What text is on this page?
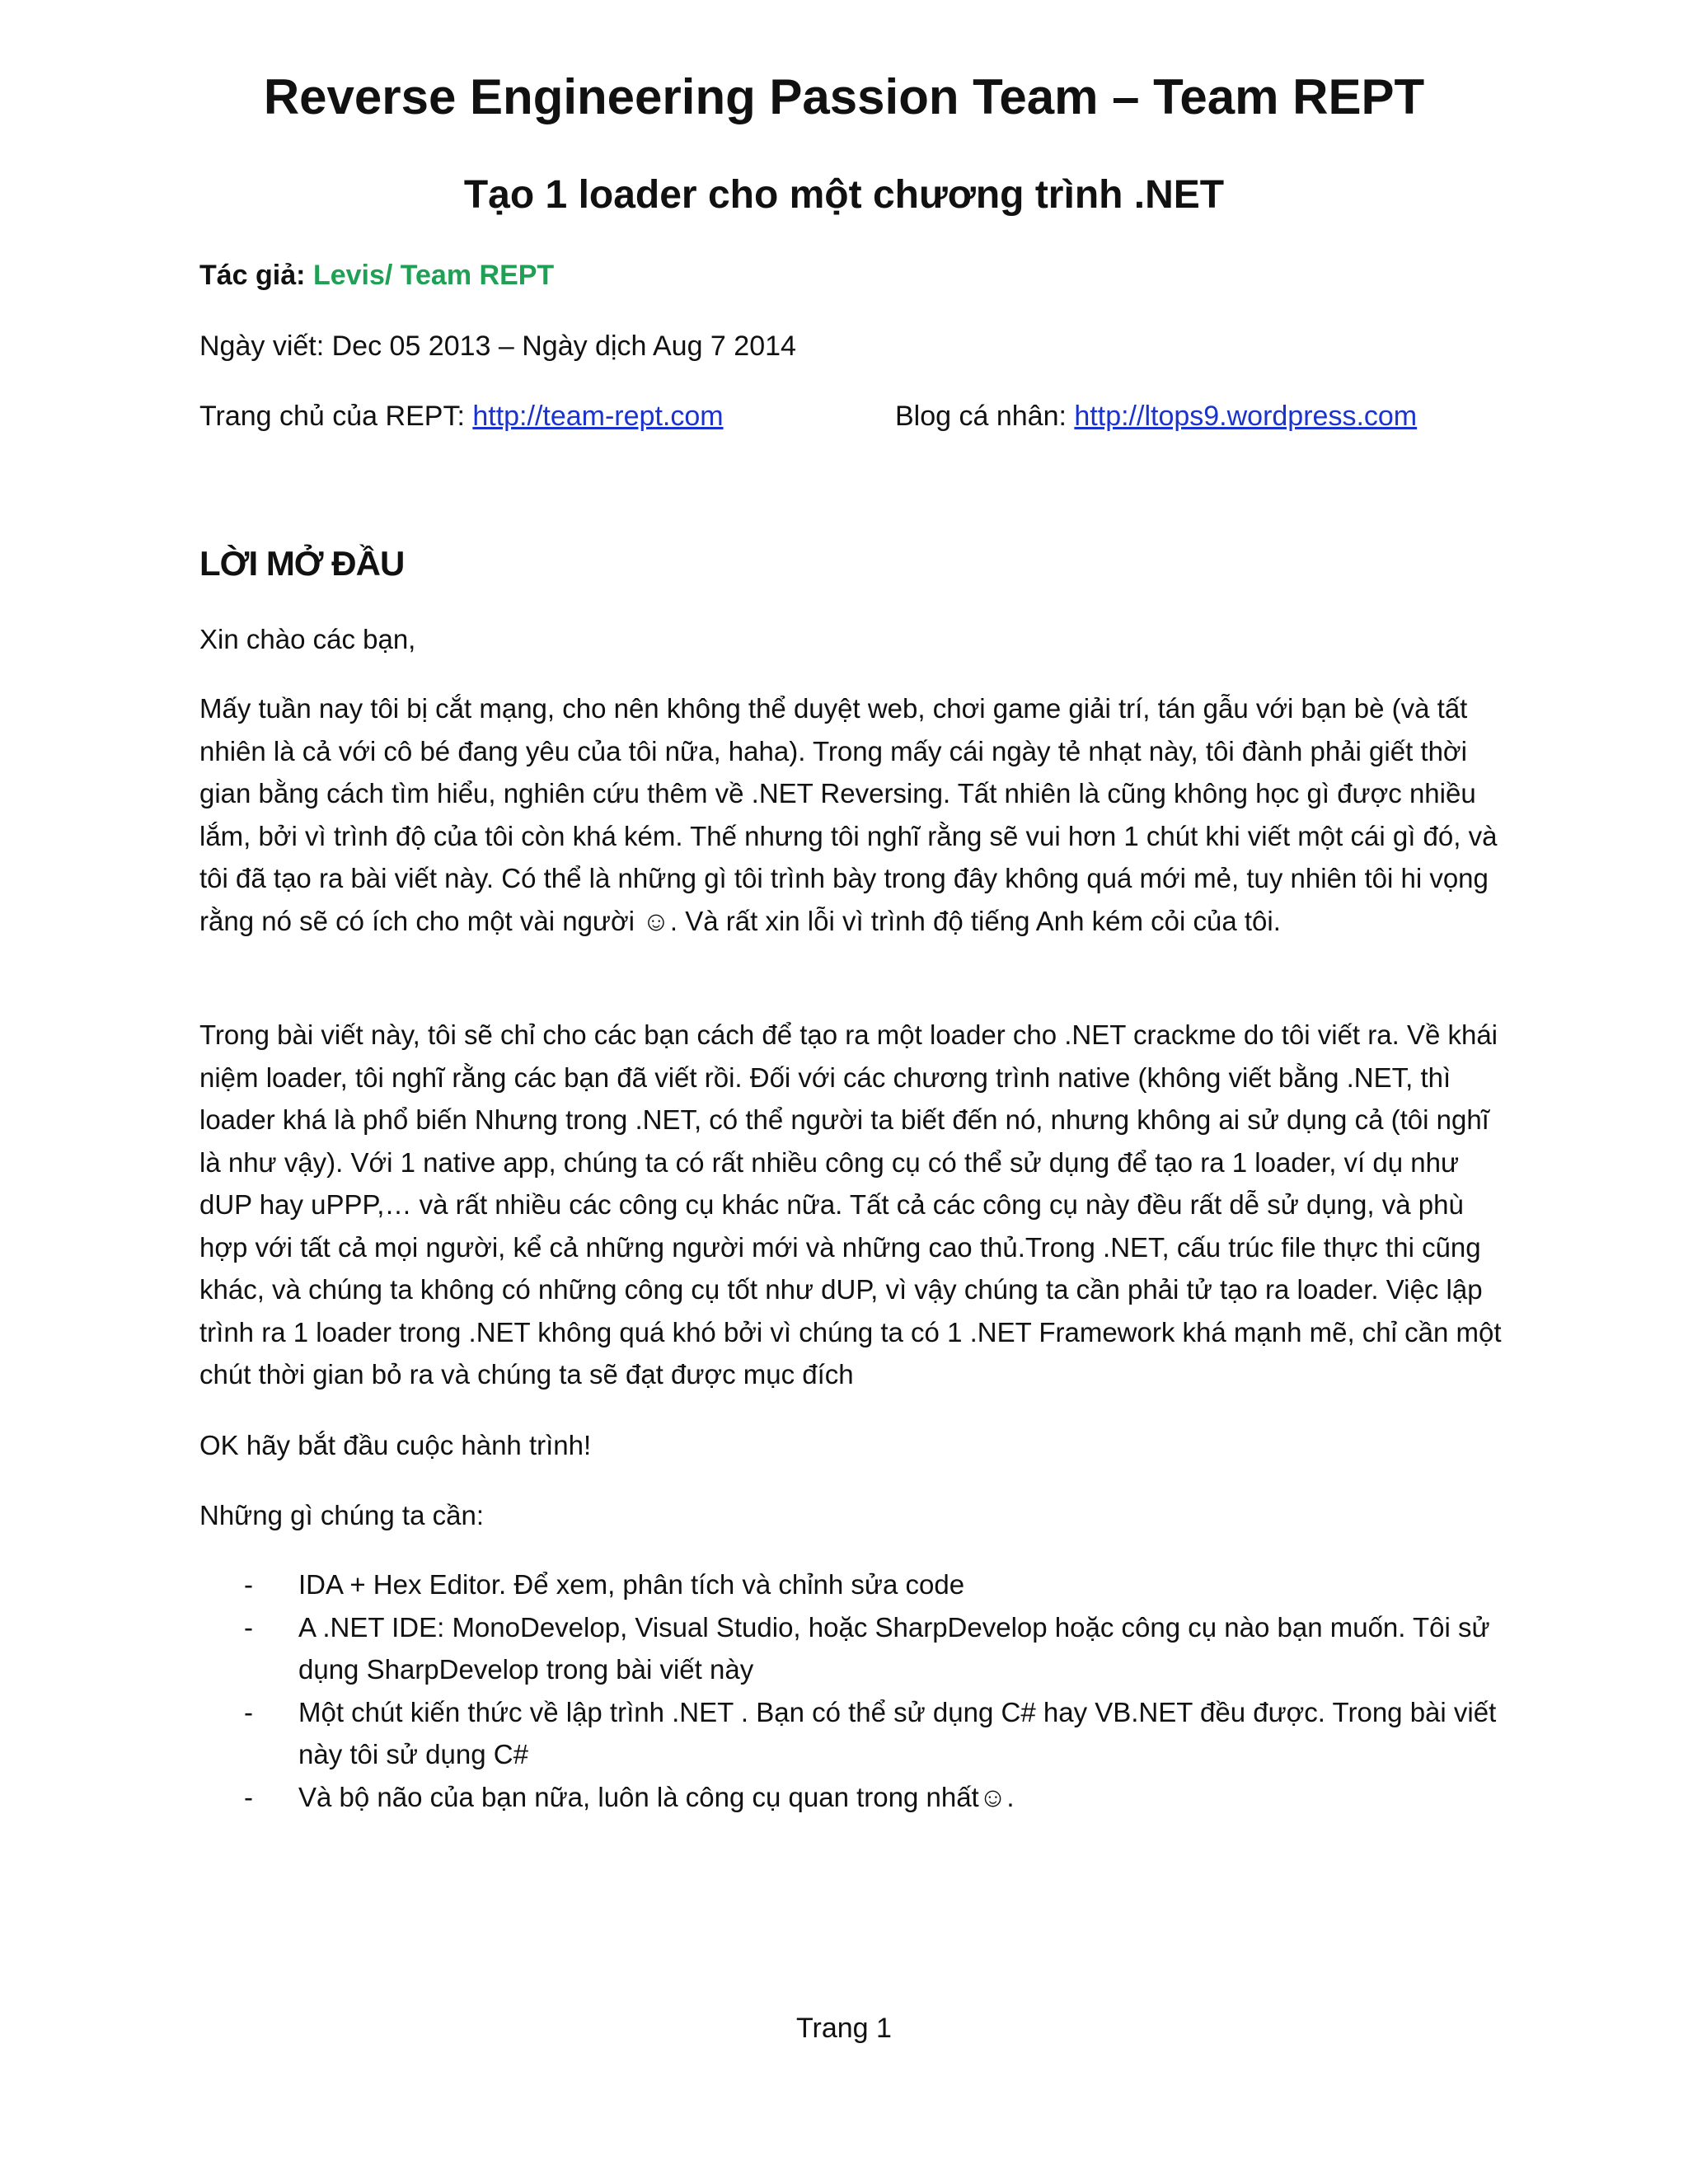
Reverse Engineering Passion Team – Team REPT
Tạo 1 loader cho một chương trình .NET
Tác giả: Levis/ Team REPT
Ngày viết: Dec 05 2013 – Ngày dịch Aug 7 2014
Trang chủ của REPT: http://team-rept.com	Blog cá nhân: http://ltops9.wordpress.com
LỜI MỞ ĐẦU
Xin chào các bạn,
Mấy tuần nay tôi bị cắt mạng, cho nên không thể duyệt web, chơi game giải trí, tán gẫu với bạn bè (và tất nhiên là cả với cô bé đang yêu của tôi nữa, haha). Trong mấy cái ngày tẻ nhạt này, tôi đành phải giết thời gian bằng cách tìm hiểu, nghiên cứu thêm về .NET Reversing. Tất nhiên là cũng không học gì được nhiều lắm, bởi vì trình độ của tôi còn khá kém. Thế nhưng tôi nghĩ rằng sẽ vui hơn 1 chút khi viết một cái gì đó, và tôi đã tạo ra bài viết này. Có thể là những gì tôi trình bày trong đây không quá mới mẻ, tuy nhiên tôi hi vọng rằng nó sẽ có ích cho một vài người ☺. Và rất xin lỗi vì trình độ tiếng Anh kém cỏi của tôi.
Trong bài viết này, tôi sẽ chỉ cho các bạn cách để tạo ra một loader cho .NET crackme do tôi viết ra. Về khái niệm loader, tôi nghĩ rằng các bạn đã viết rồi. Đối với các chương trình native (không viết bằng .NET, thì loader khá là phổ biến Nhưng trong .NET, có thể người ta biết đến nó, nhưng không ai sử dụng cả (tôi nghĩ là như vậy). Với 1 native app, chúng ta có rất nhiều công cụ có thể sử dụng để tạo ra 1 loader, ví dụ như dUP hay uPPP,… và rất nhiều các công cụ khác nữa. Tất cả các công cụ này đều rất dễ sử dụng, và phù hợp với tất cả mọi người, kể cả những người mới và những cao thủ.Trong .NET, cấu trúc file thực thi cũng khác, và chúng ta không có những công cụ tốt như dUP, vì vậy chúng ta cần phải tử tạo ra loader. Việc lập trình ra 1 loader trong .NET không quá khó bởi vì chúng ta có 1 .NET Framework khá mạnh mẽ, chỉ cần một chút thời gian bỏ ra và chúng ta sẽ đạt được mục đích
OK hãy bắt đầu cuộc hành trình!
Những gì chúng ta cần:
- IDA + Hex Editor. Để xem, phân tích và chỉnh sửa code
- A .NET IDE: MonoDevelop, Visual Studio, hoặc SharpDevelop hoặc công cụ nào bạn muốn. Tôi sử dụng SharpDevelop trong bài viết này
- Một chút kiến thức về lập trình .NET . Bạn có thể sử dụng C# hay VB.NET đều được. Trong bài viết này tôi sử dụng C#
- Và bộ não của bạn nữa, luôn là công cụ quan trong nhất☺.
Trang 1
